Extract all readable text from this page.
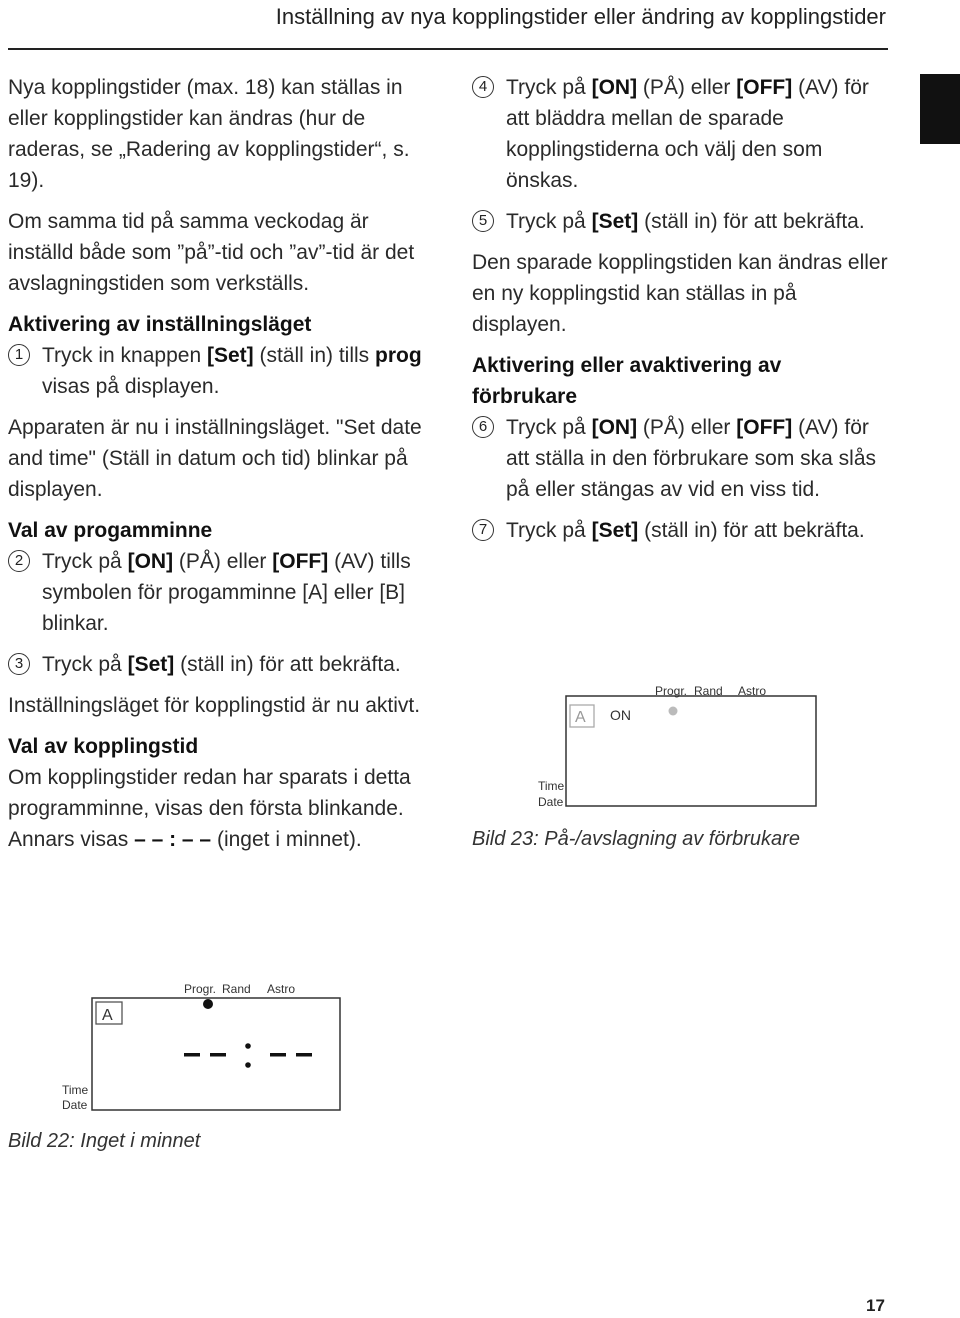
Inställning av nya kopplingstider eller ändring av kopplingstider

Nya kopplingstider (max. 18) kan ställas in eller kopplingstider kan ändras (hur de raderas, se „Radering av kopplingstider“, s. 19).

Om samma tid på samma veckodag är inställd både som ”på”-tid och ”av”-tid är det avslagningstiden som verkställs.

Aktivering av inställningsläget

1 Tryck in knappen [Set] (ställ in) tills prog visas på displayen.

Apparaten är nu i inställningsläget. "Set date and time" (Ställ in datum och tid) blinkar på displayen.

Val av progamminne

2 Tryck på [ON] (PÅ) eller [OFF] (AV) tills symbolen för progamminne [A] eller [B] blinkar.

3 Tryck på [Set] (ställ in) för att bekräfta.

Inställningsläget för kopplingstid är nu aktivt.

Val av kopplingstid

Om kopplingstider redan har sparats i detta programminne, visas den första blinkande. Annars visas – – : – – (inget i minnet).

4 Tryck på [ON] (PÅ) eller [OFF] (AV) för att bläddra mellan de sparade kopplingstiderna och välj den som önskas.

5 Tryck på [Set] (ställ in) för att bekräfta.

Den sparade kopplingstiden kan ändras eller en ny kopplingstid kan ställas in på displayen.

Aktivering eller avaktivering av förbrukare

6 Tryck på [ON] (PÅ) eller [OFF] (AV) för att ställa in den förbrukare som ska slås på eller stängas av vid en viss tid.

7 Tryck på [Set] (ställ in) för att bekräfta.

Progr. Rand Astro
A ON
Time
Date
Bild 23: På-/avslagning av förbrukare
Progr. Rand Astro
A
Time
Date
Bild 22: Inget i minnet
17
